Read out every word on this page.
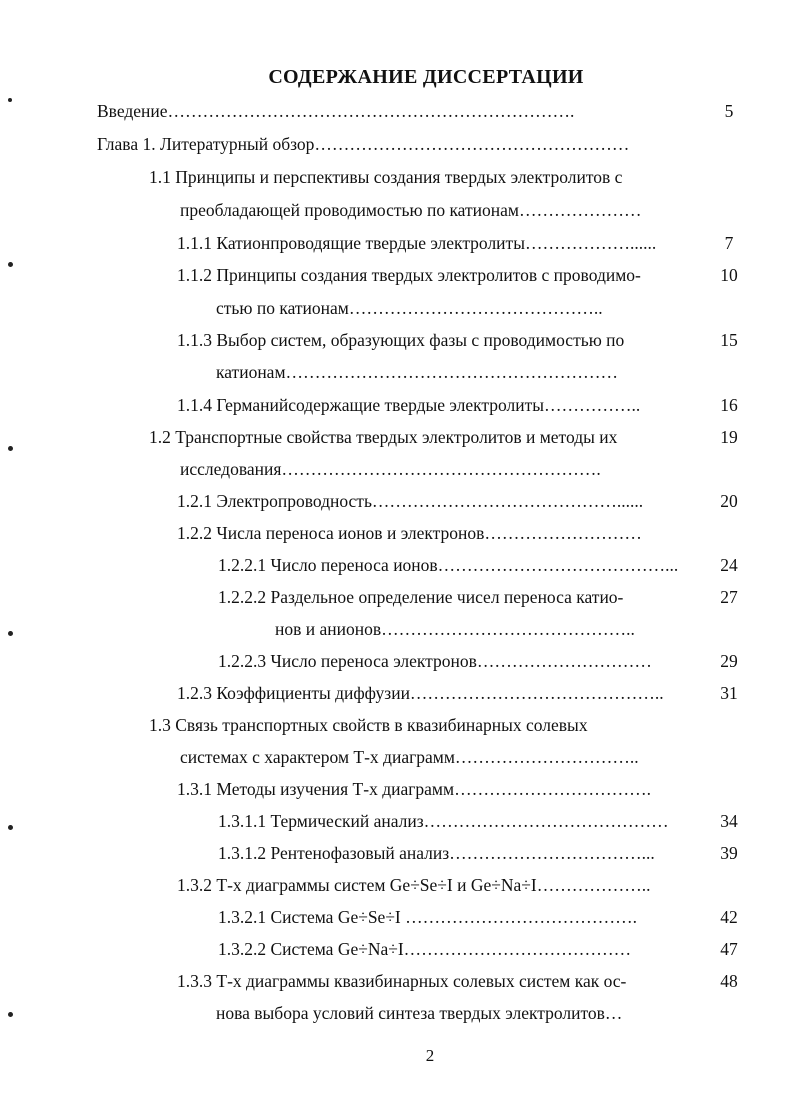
СОДЕРЖАНИЕ ДИССЕРТАЦИИ
Введение…………………………………………………………….	5
Глава 1. Литературный обзор………………………………………………
1.1 Принципы и перспективы создания твердых электролитов с
преобладающей проводимостью по катионам…………………
1.1.1 Катионпроводящие твердые электролиты………………......	7
1.1.2 Принципы создания твердых электролитов с проводимо-	10
стью по катионам……………………………………..
1.1.3 Выбор систем, образующих фазы с проводимостью по	15
катионам…………………………………………………
1.1.4 Германийсодержащие твердые электролиты……………..	16
1.2 Транспортные свойства твердых электролитов и методы их	19
исследования……………………………………………….
1.2.1 Электропроводность……………………………………......	20
1.2.2 Числа переноса ионов и электронов………………………
1.2.2.1 Число переноса ионов…………………………………...	24
1.2.2.2 Раздельное определение чисел переноса катио-	27
нов и анионов……………………………………..
1.2.2.3 Число переноса электронов…………………………	29
1.2.3 Коэффициенты диффузии……………………………………..	31
1.3 Связь транспортных свойств в квазибинарных солевых
системах с характером Т-х диаграмм…………………………..
1.3.1 Методы изучения Т-х диаграмм…………………………….
1.3.1.1 Термический анализ……………………………………	34
1.3.1.2 Рентенофазовый анализ……………………………...	39
1.3.2 Т-х диаграммы систем Ge÷Se÷I и Ge÷Na÷I………………..
1.3.2.1 Система Ge÷Se÷I ………………………………….	42
1.3.2.2 Система Ge÷Na÷I…………………………………	47
1.3.3 Т-х диаграммы квазибинарных солевых систем как ос-	48
нова выбора условий синтеза твердых электролитов…
2
